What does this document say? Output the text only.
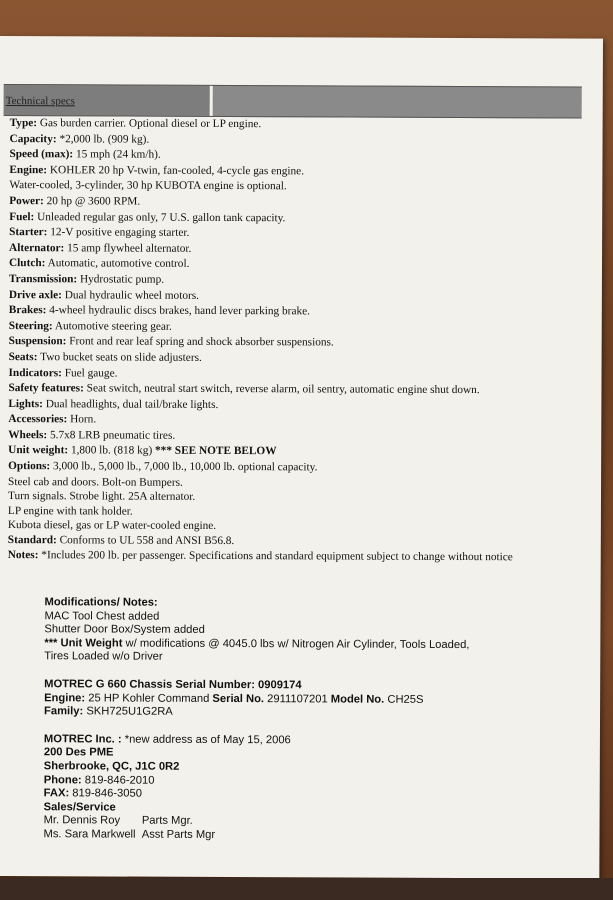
Technical specs
Type: Gas burden carrier. Optional diesel or LP engine.
Capacity: *2,000 lb. (909 kg).
Speed (max): 15 mph (24 km/h).
Engine: KOHLER 20 hp V-twin, fan-cooled, 4-cycle gas engine.
Water-cooled, 3-cylinder, 30 hp KUBOTA engine is optional.
Power: 20 hp @ 3600 RPM.
Fuel: Unleaded regular gas only, 7 U.S. gallon tank capacity.
Starter: 12-V positive engaging starter.
Alternator: 15 amp flywheel alternator.
Clutch: Automatic, automotive control.
Transmission: Hydrostatic pump.
Drive axle: Dual hydraulic wheel motors.
Brakes: 4-wheel hydraulic discs brakes, hand lever parking brake.
Steering: Automotive steering gear.
Suspension: Front and rear leaf spring and shock absorber suspensions.
Seats: Two bucket seats on slide adjusters.
Indicators: Fuel gauge.
Safety features: Seat switch, neutral start switch, reverse alarm, oil sentry, automatic engine shut down.
Lights: Dual headlights, dual tail/brake lights.
Accessories: Horn.
Wheels: 5.7x8 LRB pneumatic tires.
Unit weight: 1,800 lb. (818 kg) *** SEE NOTE BELOW
Options: 3,000 lb., 5,000 lb., 7,000 lb., 10,000 lb. optional capacity.
Steel cab and doors. Bolt-on Bumpers.
Turn signals. Strobe light. 25A alternator.
LP engine with tank holder.
Kubota diesel, gas or LP water-cooled engine.
Standard: Conforms to UL 558 and ANSI B56.8.
Notes: *Includes 200 lb. per passenger. Specifications and standard equipment subject to change without notice
Modifications/ Notes:
MAC Tool Chest added
Shutter Door Box/System added
*** Unit Weight w/ modifications @ 4045.0 lbs w/ Nitrogen Air Cylinder, Tools Loaded,
Tires Loaded w/o Driver
MOTREC G 660 Chassis Serial Number: 0909174
Engine: 25 HP Kohler Command Serial No. 2911107201 Model No. CH25S
Family: SKH725U1G2RA
MOTREC Inc. : *new address as of May 15, 2006
200 Des PME
Sherbrooke, QC, J1C 0R2
Phone: 819-846-2010
FAX: 819-846-3050
Sales/Service
Mr. Dennis Roy Parts Mgr.
Ms. Sara Markwell Asst Parts Mgr
